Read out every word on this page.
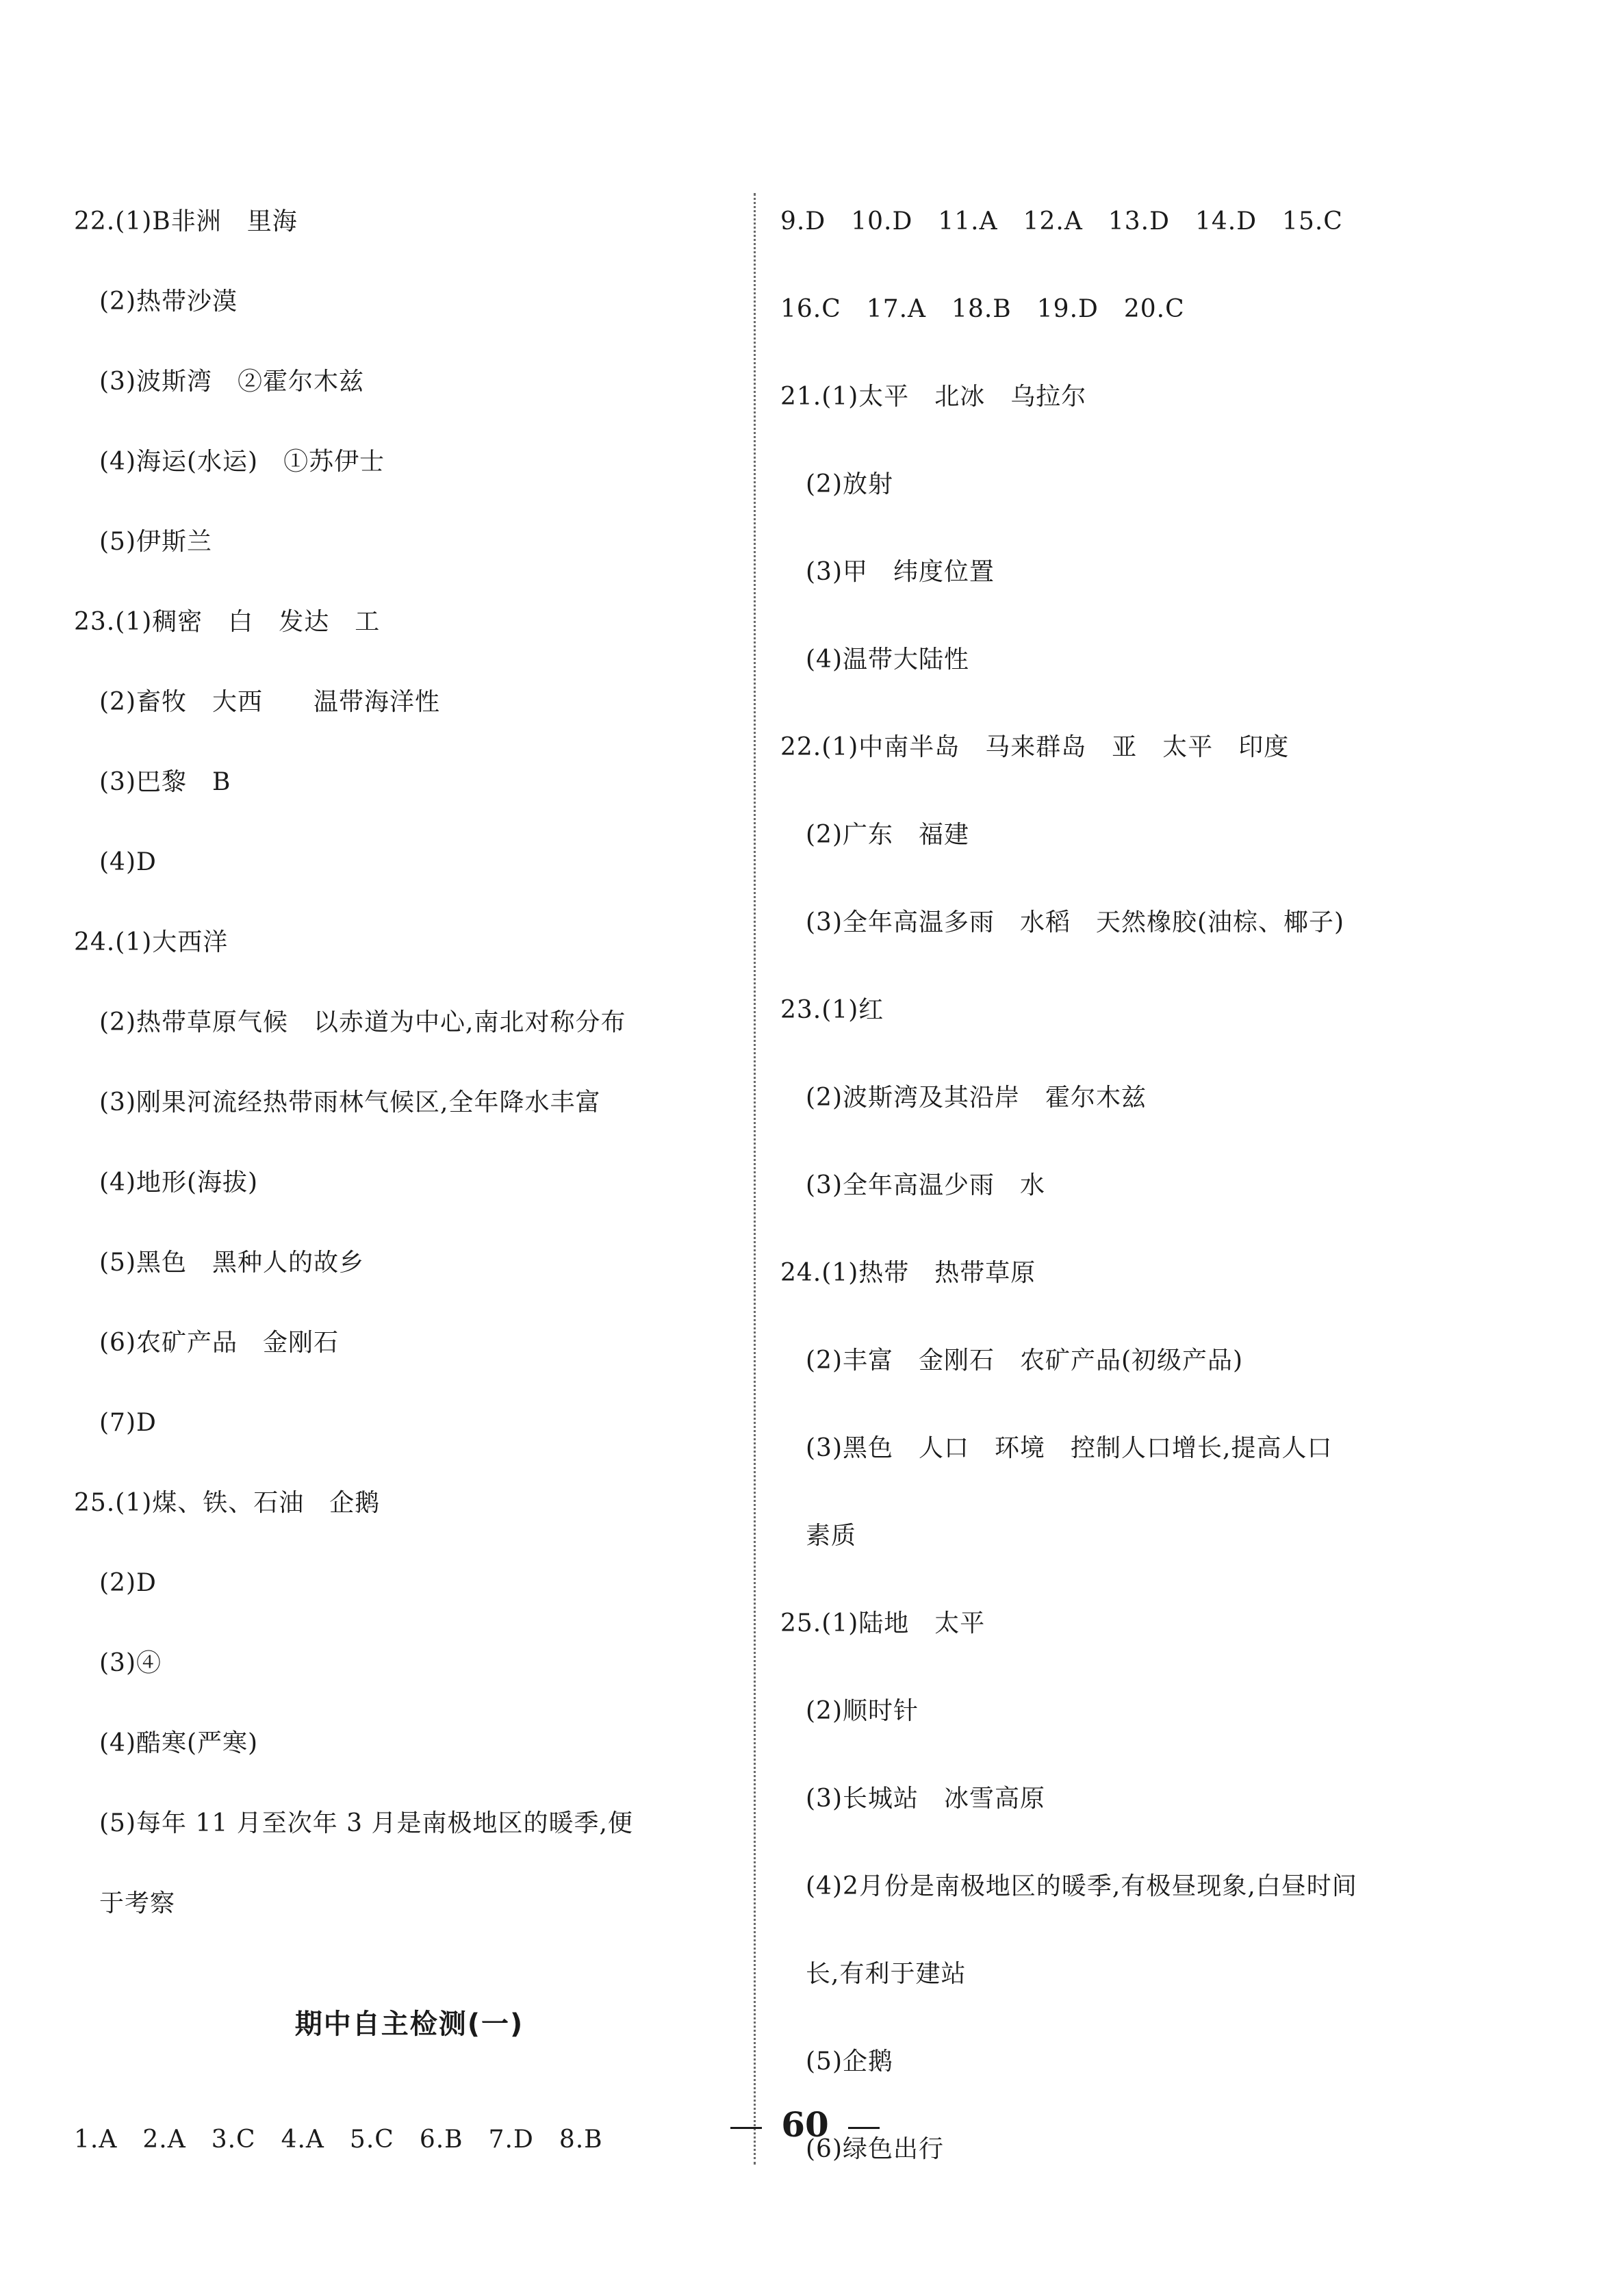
期中自主检测(一)
1.A　2.A　3.C　4.A　5.C　6.B　7.D　8.B
22.(1)B非洲　里海
　(2)热带沙漠
　(3)波斯湾　②霍尔木兹
　(4)海运(水运)　①苏伊士
　(5)伊斯兰
23.(1)稠密　白　发达　工
　(2)畜牧　大西　　温带海洋性
　(3)巴黎　B
　(4)D
24.(1)大西洋
　(2)热带草原气候　以赤道为中心,南北对称分布
　(3)刚果河流经热带雨林气候区,全年降水丰富
　(4)地形(海拔)
　(5)黑色　黑种人的故乡
　(6)农矿产品　金刚石
　(7)D
25.(1)煤、铁、石油　企鹅
　(2)D
　(3)④
　(4)酷寒(严寒)
　(5)每年 11 月至次年 3 月是南极地区的暖季,便
　于考察
9.D　10.D　11.A　12.A　13.D　14.D　15.C
16.C　17.A　18.B　19.D　20.C
21.(1)太平　北冰　乌拉尔
　(2)放射
　(3)甲　纬度位置
　(4)温带大陆性
22.(1)中南半岛　马来群岛　亚　太平　印度
　(2)广东　福建
　(3)全年高温多雨　水稻　天然橡胶(油棕、椰子)
23.(1)红
　(2)波斯湾及其沿岸　霍尔木兹
　(3)全年高温少雨　水
24.(1)热带　热带草原
　(2)丰富　金刚石　农矿产品(初级产品)
　(3)黑色　人口　环境　控制人口增长,提高人口
　素质
25.(1)陆地　太平
　(2)顺时针
　(3)长城站　冰雪高原
　(4)2月份是南极地区的暖季,有极昼现象,白昼时间
　长,有利于建站
　(5)企鹅
　(6)绿色出行
60
